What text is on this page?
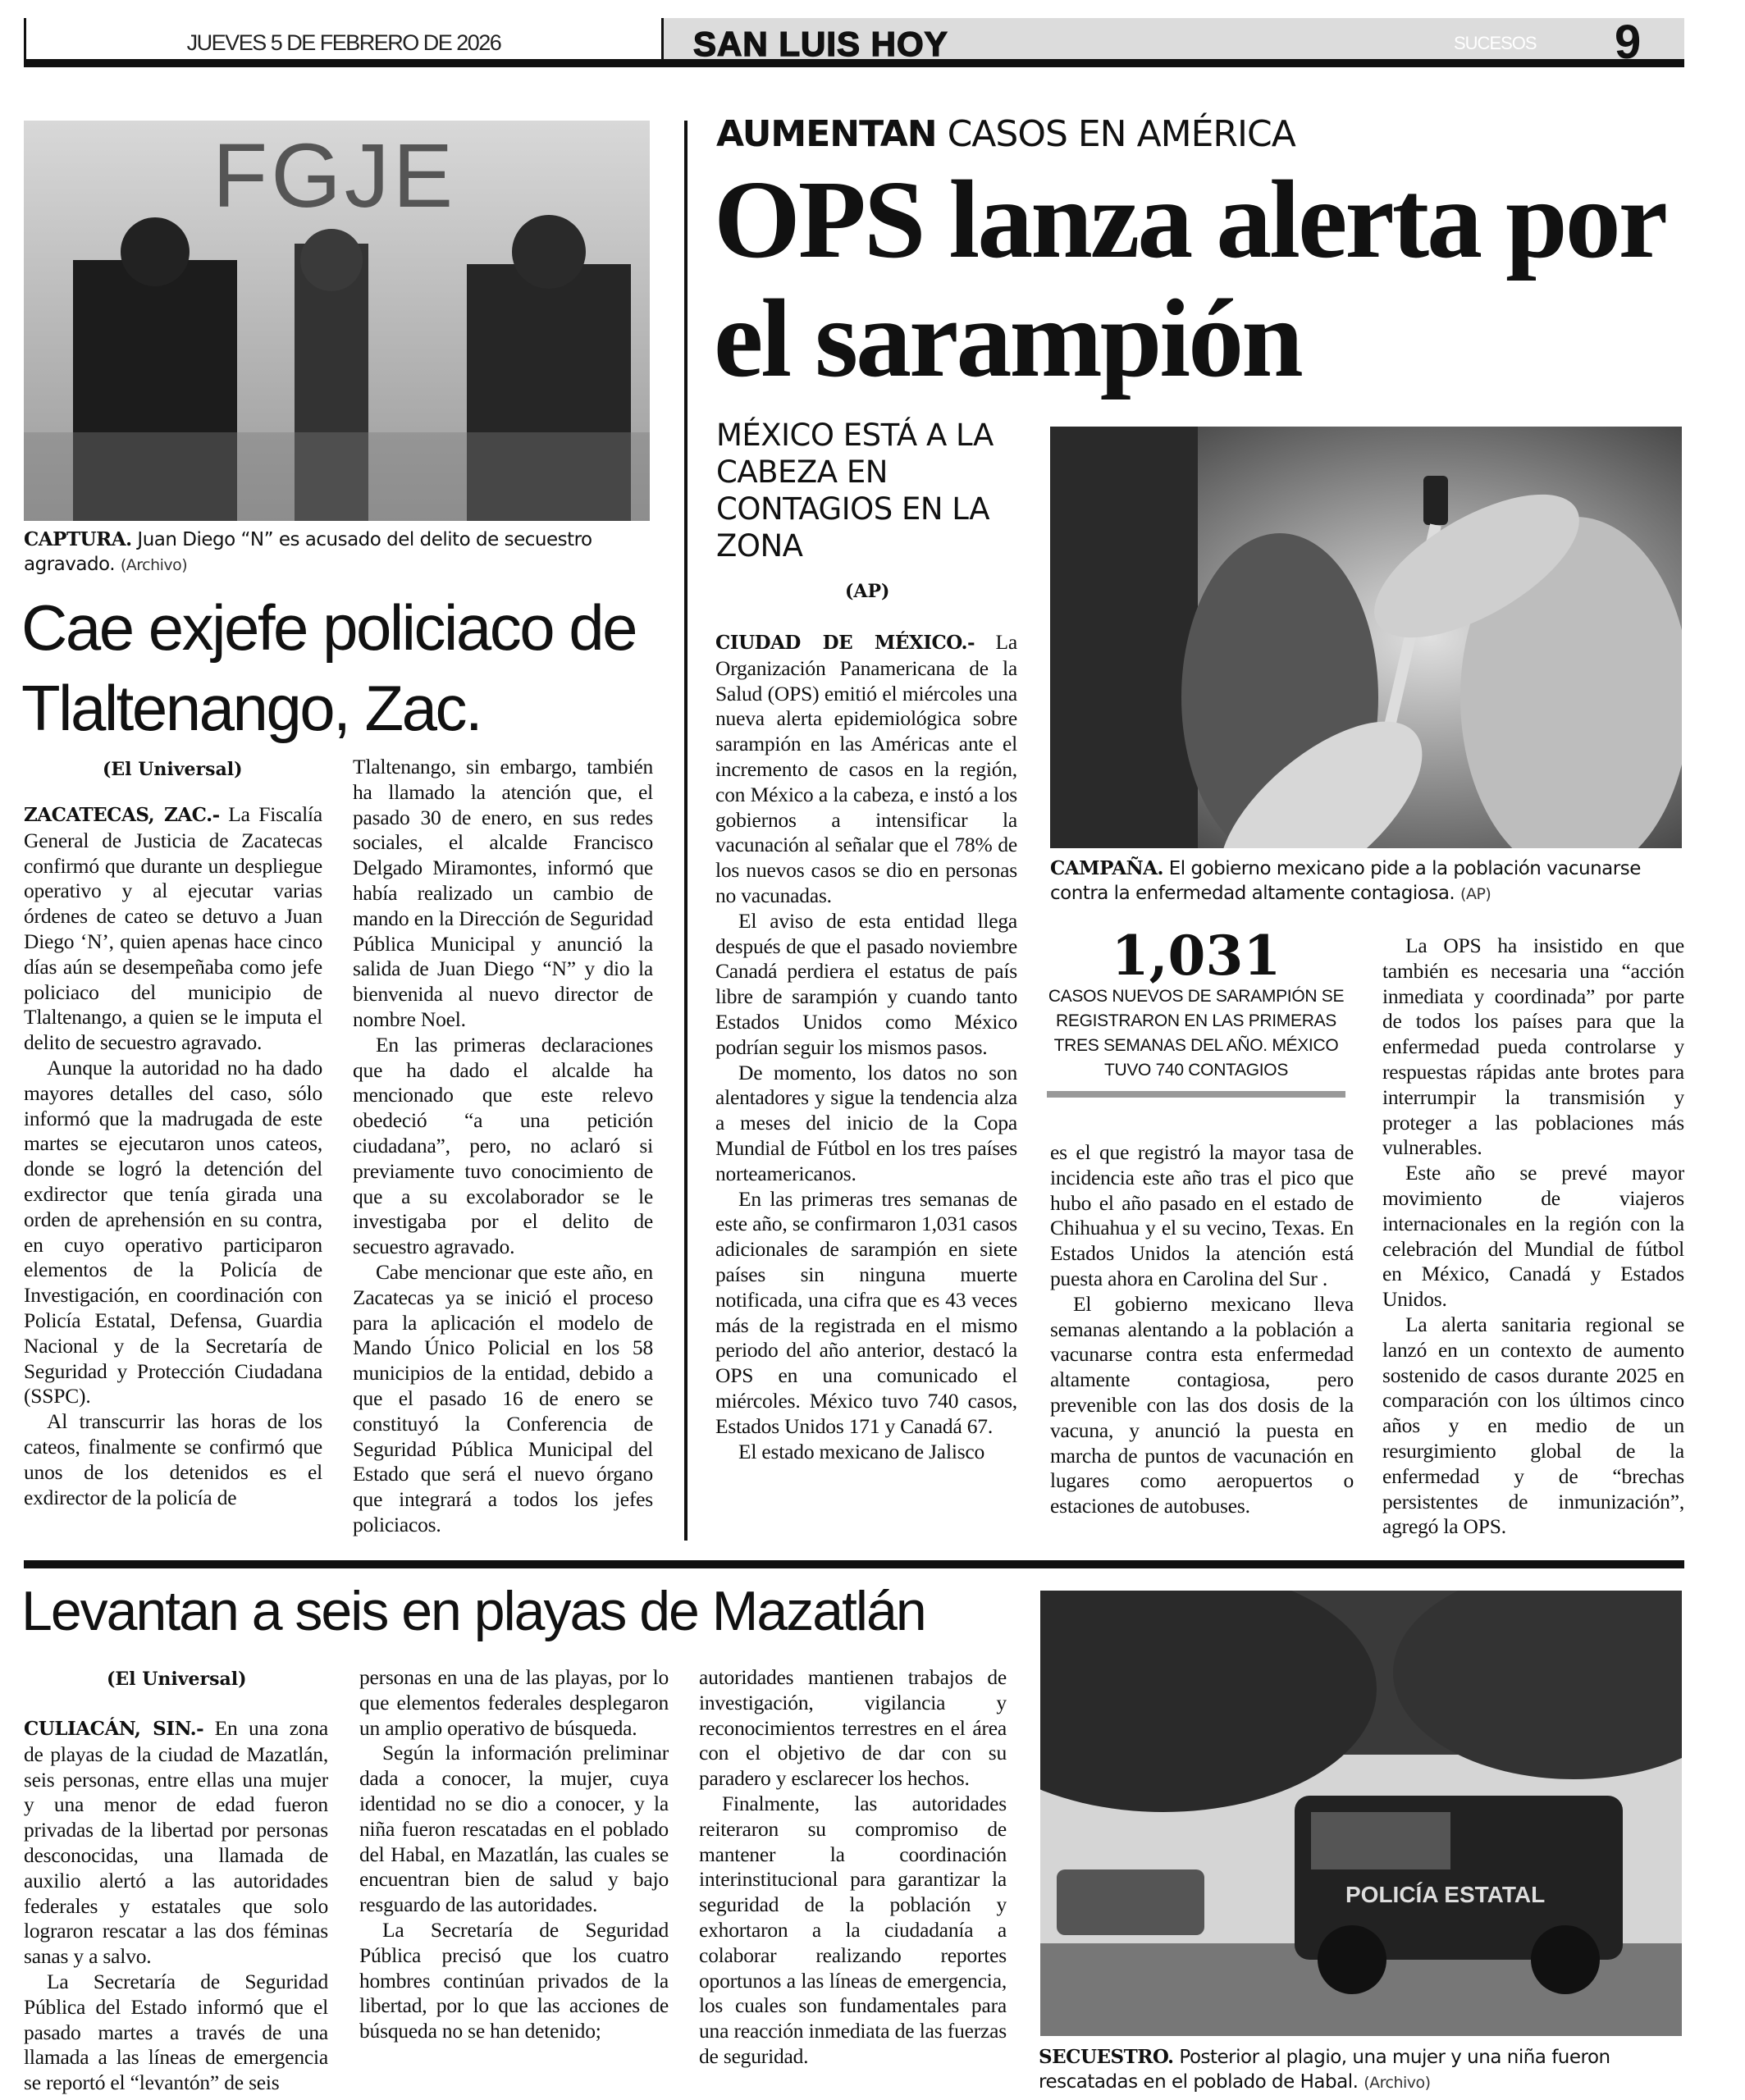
JUEVES 5 DE FEBRERO DE 2026	SAN LUIS HOY	SUCESOS 9
FGJE
CAPTURA. Juan Diego “N” es acusado del delito de secuestro agravado. (Archivo)
Cae exjefe policiaco de Tlaltenango, Zac.
(El Universal)

ZACATECAS, ZAC.- La Fiscalía General de Justicia de Zacatecas confirmó que durante un despliegue operativo y al ejecutar varias órdenes de cateo se detuvo a Juan Diego ‘N’, quien apenas hace cinco días aún se desempeñaba como jefe policiaco del municipio de Tlaltenango, a quien se le imputa el delito de secuestro agravado.

Aunque la autoridad no ha dado mayores detalles del caso, sólo informó que la madrugada de este martes se ejecutaron unos cateos, donde se logró la detención del exdirector que tenía girada una orden de aprehensión en su contra, en cuyo operativo participaron elementos de la Policía de Investigación, en coordinación con Policía Estatal, Defensa, Guardia Nacional y de la Secretaría de Seguridad y Protección Ciudadana (SSPC).

Al transcurrir las horas de los cateos, finalmente se confirmó que unos de los detenidos es el exdirector de la policía de

Tlaltenango, sin embargo, también ha llamado la atención que, el pasado 30 de enero, en sus redes sociales, el alcalde Francisco Delgado Miramontes, informó que había realizado un cambio de mando en la Dirección de Seguridad Pública Municipal y anunció la salida de Juan Diego “N” y dio la bienvenida al nuevo director de nombre Noel.

En las primeras declaraciones que ha dado el alcalde ha mencionado que este relevo obedeció “a una petición ciudadana”, pero, no aclaró si previamente tuvo conocimiento de que a su excolaborador se le investigaba por el delito de secuestro agravado.

Cabe mencionar que este año, en Zacatecas ya se inició el proceso para la aplicación el modelo de Mando Único Policial en los 58 municipios de la entidad, debido a que el pasado 16 de enero se constituyó la Conferencia de Seguridad Pública Municipal del Estado que será el nuevo órgano que integrará a todos los jefes policiacos.

AUMENTAN CASOS EN AMÉRICA
OPS lanza alerta por el sarampión
MÉXICO ESTÁ A LA CABEZA EN CONTAGIOS EN LA ZONA
(AP)
CAMPAÑA. El gobierno mexicano pide a la población vacunarse contra la enfermedad altamente contagiosa. (AP)
1,031
CASOS NUEVOS DE SARAMPIÓN SE REGISTRARON EN LAS PRIMERAS TRES SEMANAS DEL AÑO. MÉXICO TUVO 740 CONTAGIOS

CIUDAD DE MÉXICO.- La Organización Panamericana de la Salud (OPS) emitió el miércoles una nueva alerta epidemiológica sobre sarampión en las Américas ante el incremento de casos en la región, con México a la cabeza, e instó a los gobiernos a intensificar la vacunación al señalar que el 78% de los nuevos casos se dio en personas no vacunadas.

El aviso de esta entidad llega después de que el pasado noviembre Canadá perdiera el estatus de país libre de sarampión y cuando tanto Estados Unidos como México podrían seguir los mismos pasos.

De momento, los datos no son alentadores y sigue la tendencia alza a meses del inicio de la Copa Mundial de Fútbol en los tres países norteamericanos.

En las primeras tres semanas de este año, se confirmaron 1,031 casos adicionales de sarampión en siete países sin ninguna muerte notificada, una cifra que es 43 veces más de la registrada en el mismo periodo del año anterior, destacó la OPS en una comunicado el miércoles. México tuvo 740 casos, Estados Unidos 171 y Canadá 67.

El estado mexicano de Jalisco

es el que registró la mayor tasa de incidencia este año tras el pico que hubo el año pasado en el estado de Chihuahua y el su vecino, Texas. En Estados Unidos la atención está puesta ahora en Carolina del Sur .

El gobierno mexicano lleva semanas alentando a la población a vacunarse contra esta enfermedad altamente contagiosa, pero prevenible con las dos dosis de la vacuna, y anunció la puesta en marcha de puntos de vacunación en lugares como aeropuertos o estaciones de autobuses.

La OPS ha insistido en que también es necesaria una “acción inmediata y coordinada” por parte de todos los países para que la enfermedad pueda controlarse y respuestas rápidas ante brotes para interrumpir la transmisión y proteger a las poblaciones más vulnerables.

Este año se prevé mayor movimiento de viajeros internacionales en la región con la celebración del Mundial de fútbol en México, Canadá y Estados Unidos.

La alerta sanitaria regional se lanzó en un contexto de aumento sostenido de casos durante 2025 en comparación con los últimos cinco años y en medio de un resurgimiento global de la enfermedad y de “brechas persistentes de inmunización”, agregó la OPS.

Levantan a seis en playas de Mazatlán
(El Universal)

CULIACÁN, SIN.- En una zona de playas de la ciudad de Mazatlán, seis personas, entre ellas una mujer y una menor de edad fueron privadas de la libertad por personas desconocidas, una llamada de auxilio alertó a las autoridades federales y estatales que solo lograron rescatar a las dos féminas sanas y a salvo.

La Secretaría de Seguridad Pública del Estado informó que el pasado martes a través de una llamada a las líneas de emergencia se reportó el “levantón” de seis

personas en una de las playas, por lo que elementos federales desplegaron un amplio operativo de búsqueda.

Según la información preliminar dada a conocer, la mujer, cuya identidad no se dio a conocer, y la niña fueron rescatadas en el poblado del Habal, en Mazatlán, las cuales se encuentran bien de salud y bajo resguardo de las autoridades.

La Secretaría de Seguridad Pública precisó que los cuatro hombres continúan privados de la libertad, por lo que las acciones de búsqueda no se han detenido;

autoridades mantienen trabajos de investigación, vigilancia y reconocimientos terrestres en el área con el objetivo de dar con su paradero y esclarecer los hechos.

Finalmente, las autoridades reiteraron su compromiso de mantener la coordinación interinstitucional para garantizar la seguridad de la población y exhortaron a la ciudadanía a colaborar realizando reportes oportunos a las líneas de emergencia, los cuales son fundamentales para una reacción inmediata de las fuerzas de seguridad.

POLICÍA ESTATAL
SECUESTRO. Posterior al plagio, una mujer y una niña fueron rescatadas en el poblado de Habal. (Archivo)
